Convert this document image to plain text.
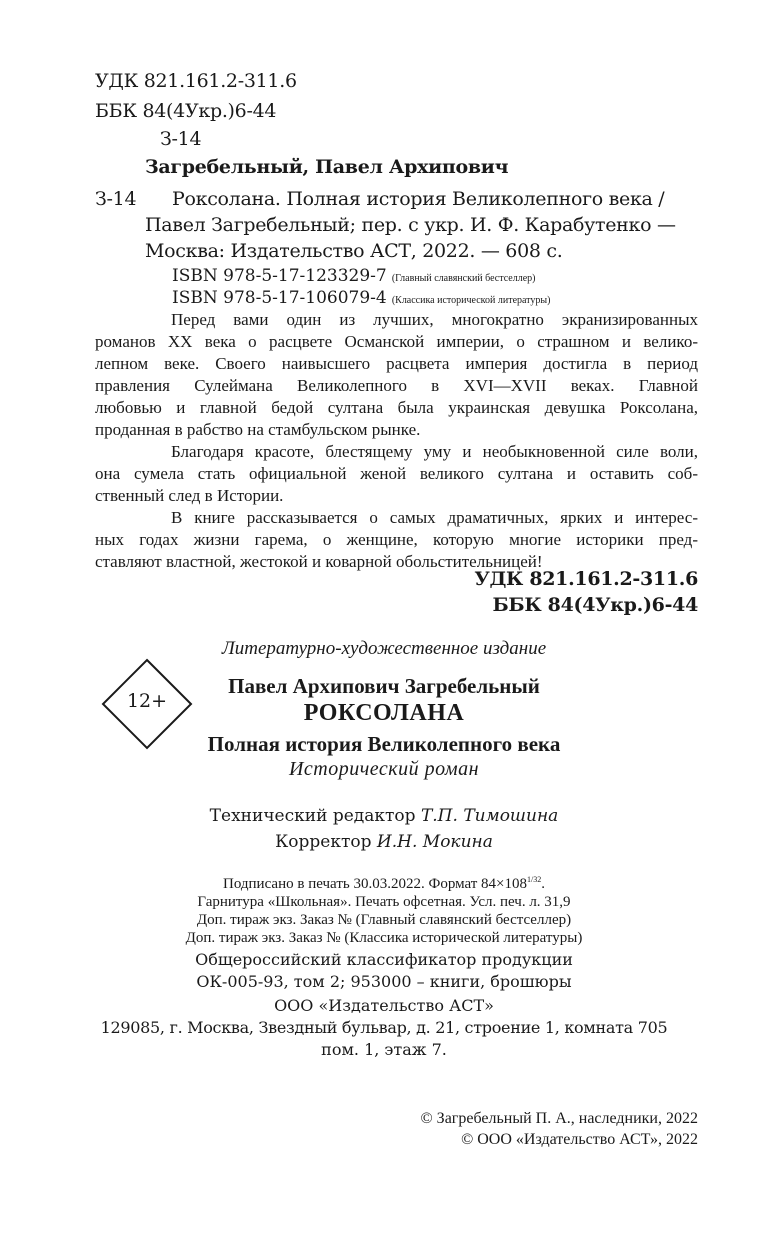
УДК 821.161.2-311.6
ББК 84(4Укр.)6-44
З-14
Загребельный, Павел Архипович
З-14 Роксолана. Полная история Великолепного века /
Павел Загребельный; пер. с укр. И. Ф. Карабутенко —
Москва: Издательство АСТ, 2022. — 608 с.
ISBN 978-5-17-123329-7 (Главный славянский бестселлер)
ISBN 978-5-17-106079-4 (Классика исторической литературы)
Перед вами один из лучших, многократно экранизированных
романов XX века о расцвете Османской империи, о страшном и велико-
лепном веке. Своего наивысшего расцвета империя достигла в период
правления Сулеймана Великолепного в XVI—XVII веках. Главной
любовью и главной бедой султана была украинская девушка Роксолана,
проданная в рабство на стамбульском рынке.
Благодаря красоте, блестящему уму и необыкновенной силе воли,
она сумела стать официальной женой великого султана и оставить соб-
ственный след в Истории.
В книге рассказывается о самых драматичных, ярких и интерес-
ных годах жизни гарема, о женщине, которую многие историки пред-
ставляют властной, жестокой и коварной обольстительницей!
УДК 821.161.2-311.6
ББК 84(4Укр.)6-44
Литературно-художественное издание
12+
Павел Архипович Загребельный
РОКСОЛАНА
Полная история Великолепного века
Исторический роман
Технический редактор Т.П. Тимошина
Корректор И.Н. Мокина
Подписано в печать 30.03.2022. Формат $84\times 108^{1/32}$.
Гарнитура «Школьная». Печать офсетная. Усл. печ. л. 31,9
Доп. тираж экз. Заказ № (Главный славянский бестселлер)
Доп. тираж экз. Заказ № (Классика исторической литературы)
Общероссийский классификатор продукции
ОК-005-93, том 2; 953000 – книги, брошюры
ООО «Издательство АСТ»
129085, г. Москва, Звездный бульвар, д. 21, строение 1, комната 705
пом. 1, этаж 7.
© Загребельный П. А., наследники, 2022
© ООО «Издательство АСТ», 2022
